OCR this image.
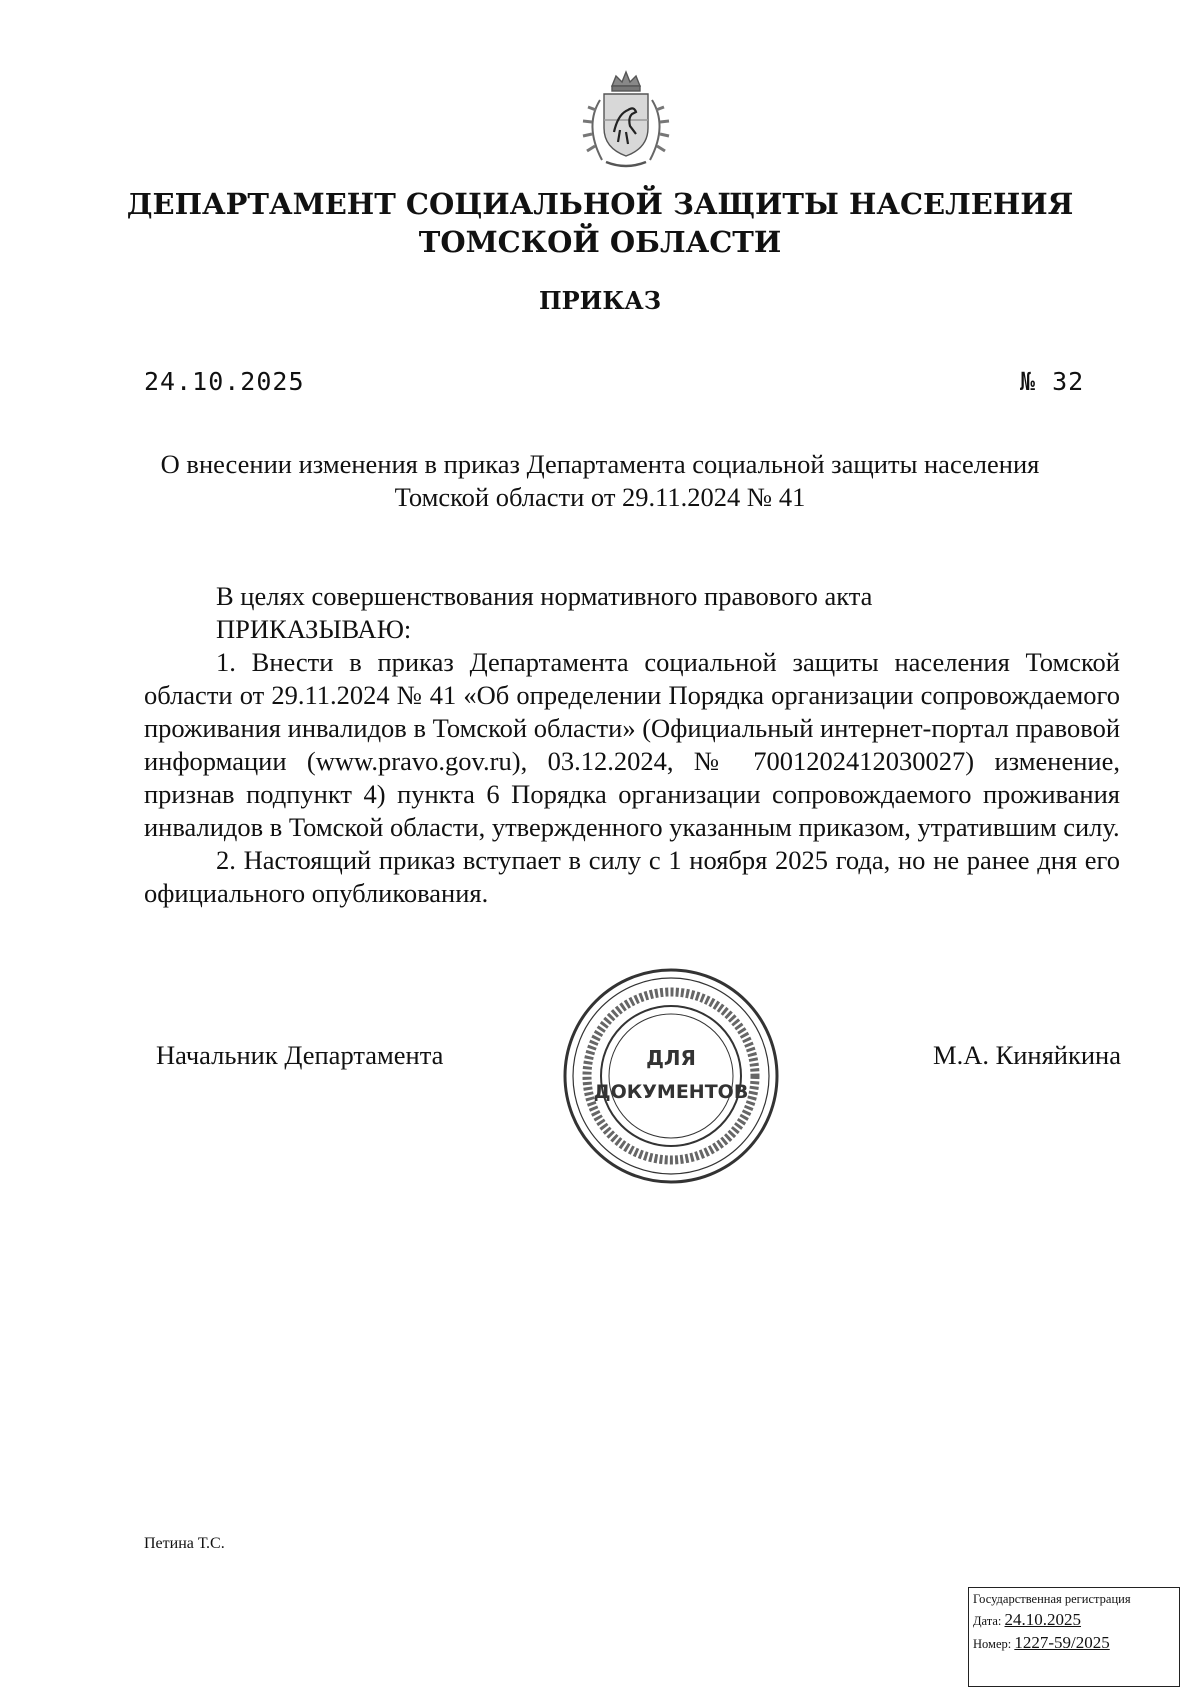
ДЕПАРТАМЕНТ СОЦИАЛЬНОЙ ЗАЩИТЫ НАСЕЛЕНИЯ
ТОМСКОЙ ОБЛАСТИ
ПРИКАЗ
24.10.2025	№ 32
О внесении изменения в приказ Департамента социальной защиты населения
Томской области от 29.11.2024 № 41

В целях совершенствования нормативного правового акта

ПРИКАЗЫВАЮ:

1. Внести в приказ Департамента социальной защиты населения Томской области от 29.11.2024 № 41 «Об определении Порядка организации сопровождаемого проживания инвалидов в Томской области» (Официальный интернет-портал правовой информации (www.pravo.gov.ru), 03.12.2024, № 7001202412030027) изменение, признав подпункт 4) пункта 6 Порядка организации сопровождаемого проживания инвалидов в Томской области, утвержденного указанным приказом, утратившим силу.

2. Настоящий приказ вступает в силу с 1 ноября 2025 года, но не ранее дня его официального опубликования.

Начальник Департамента	М.А. Киняйкина
ДЛЯ
ДОКУМЕНТОВ
Петина Т.С.
Государственная регистрация
Дата: 24.10.2025
Номер: 1227-59/2025
